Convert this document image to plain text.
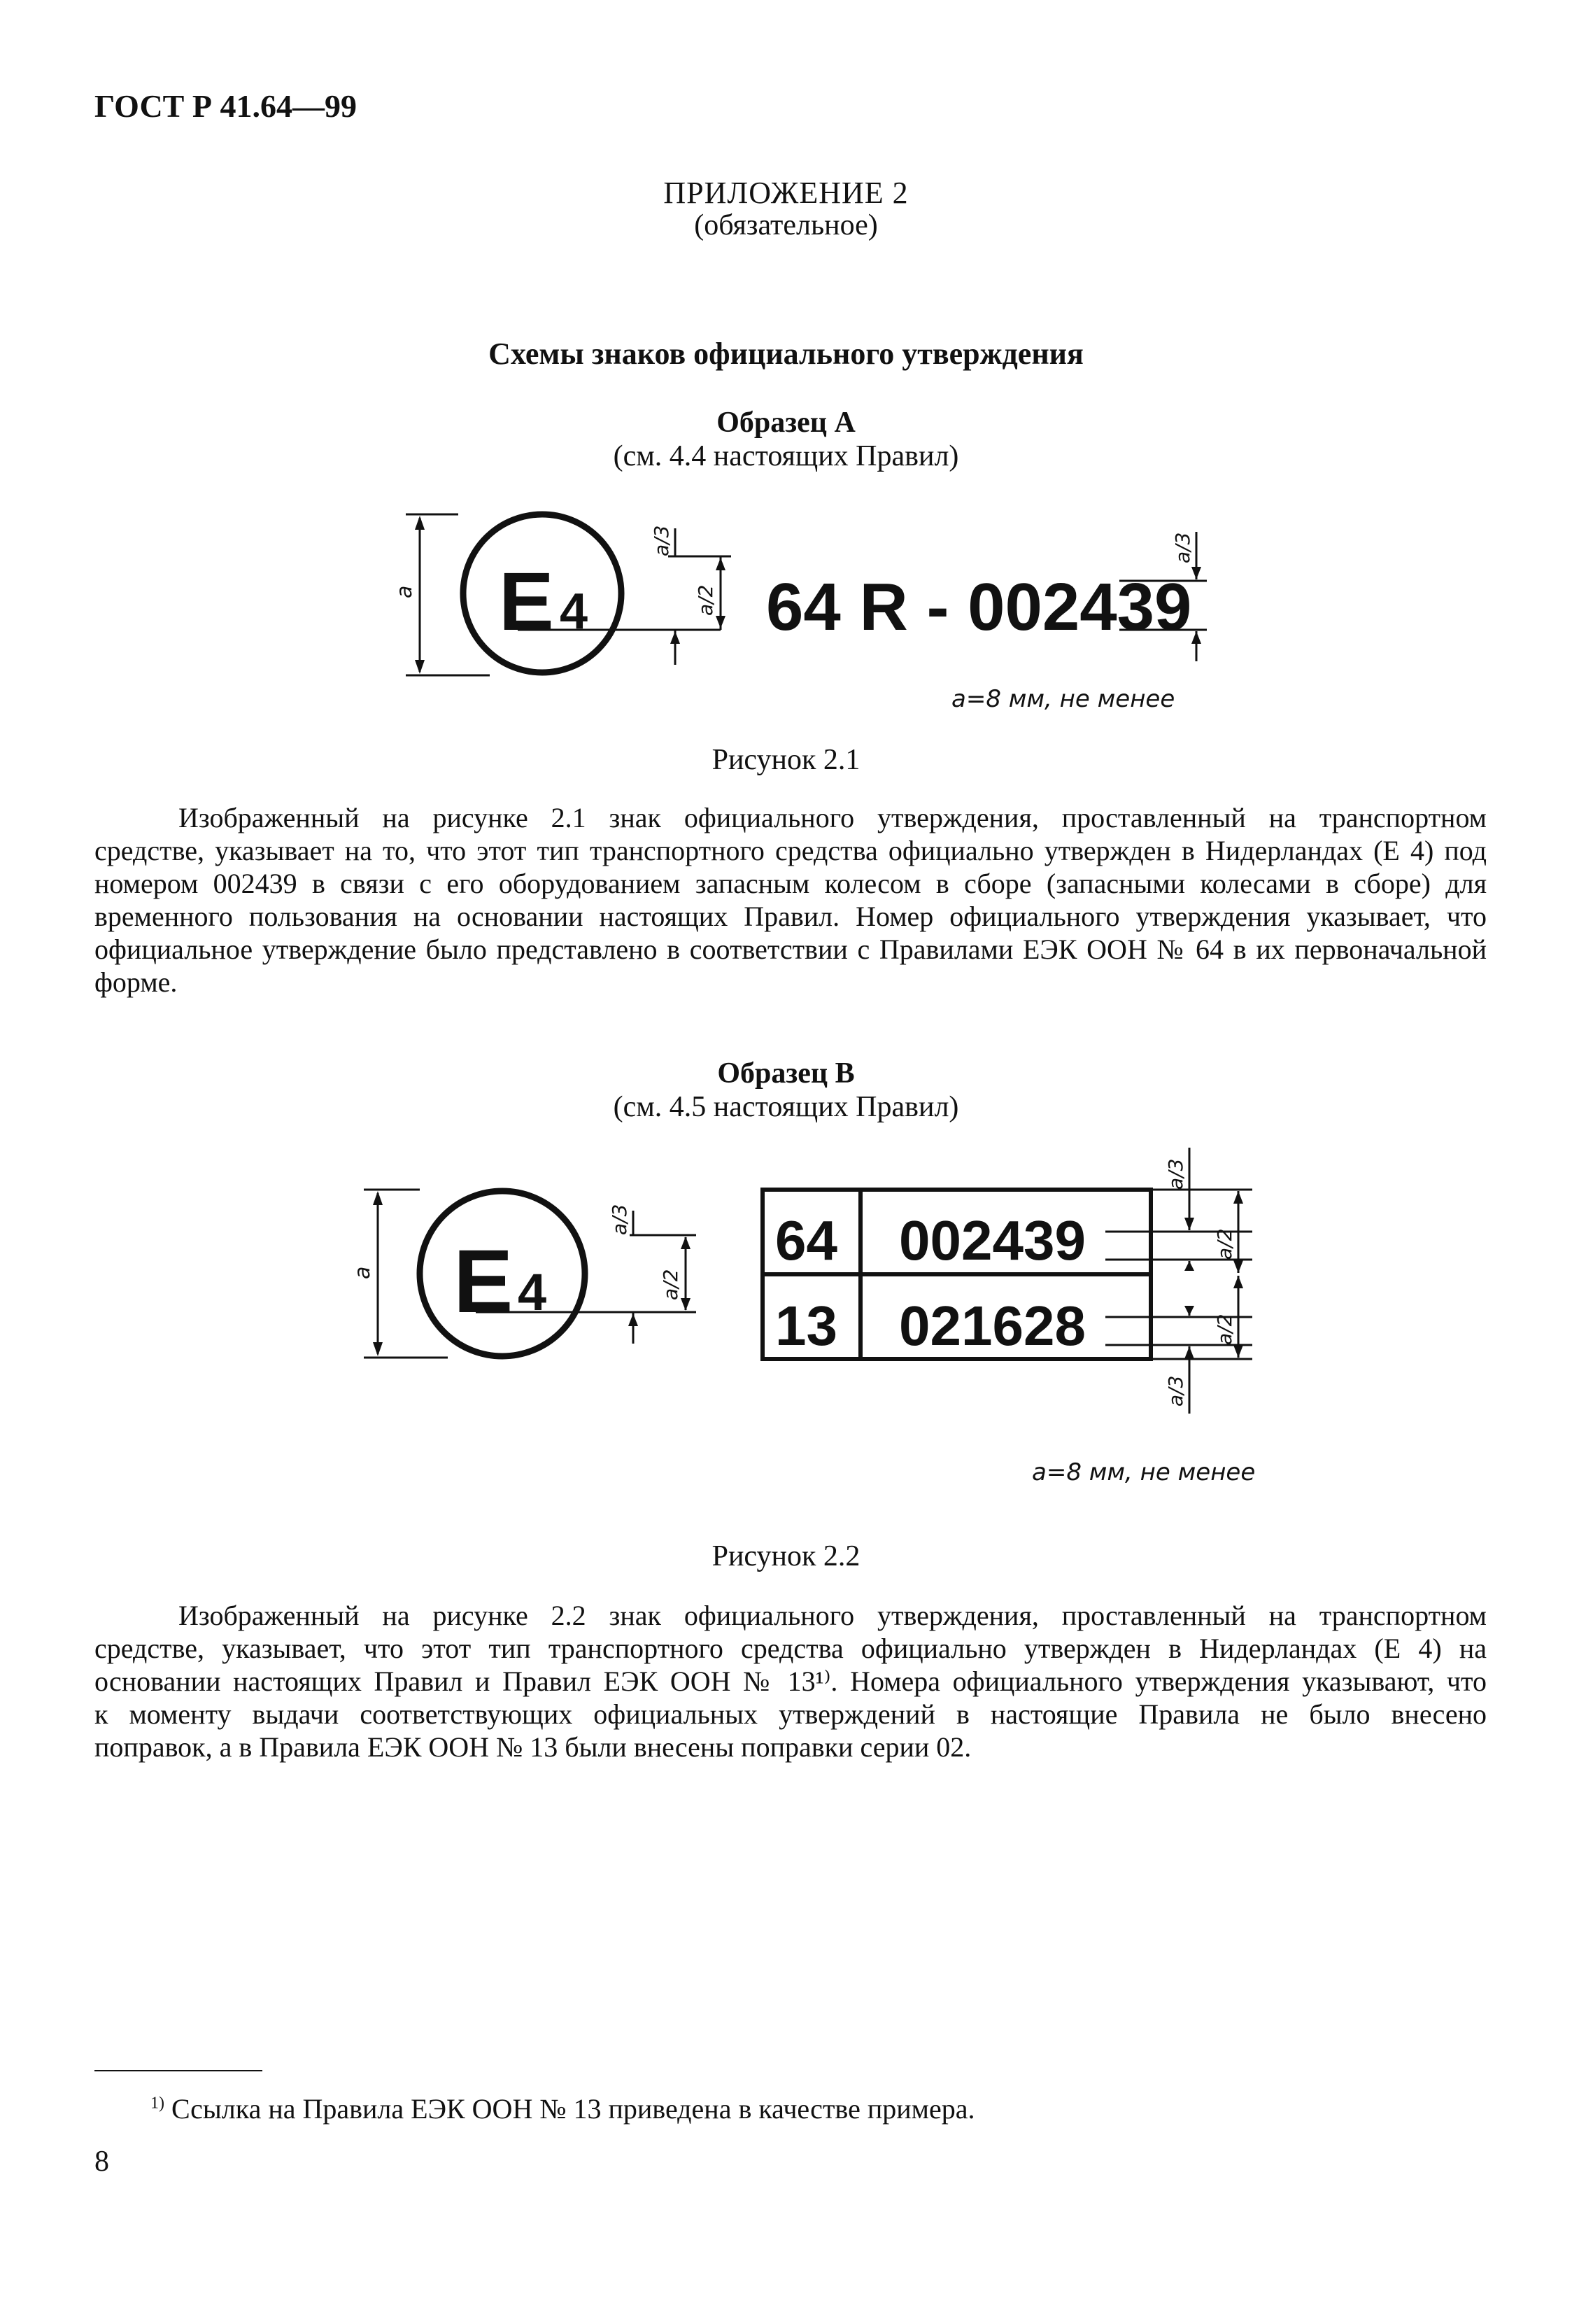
ГОСТ Р 41.64—99
ПРИЛОЖЕНИЕ 2
(обязательное)
Схемы знаков официального утверждения
Образец А
(см. 4.4 настоящих Правил)
E 4	64 R - 002439
a
a/3
a/2
a/3
a=8 мм, не менее
Рисунок 2.1

Изображенный на рисунке 2.1 знак официального утверждения, проставленный на транспортном
средстве, указывает на то, что этот тип транспортного средства официально утвержден в Нидерландах (Е 4) под
номером 002439 в связи с его оборудованием запасным колесом в сборе (запасными колесами в сборе) для
временного пользования на основании настоящих Правил. Номер официального утверждения указывает, что
официальное утверждение было представлено в соответствии с Правилами ЕЭК ООН № 64 в их первоначальной
форме.

Образец В
(см. 4.5 настоящих Правил)
E 4
64 002439
13 021628
a
a/3
a/2
a/3
a/2
a/2
a/3
a=8 мм, не менее
Рисунок 2.2

Изображенный на рисунке 2.2 знак официального утверждения, проставленный на транспортном
средстве, указывает, что этот тип транспортного средства официально утвержден в Нидерландах (Е 4) на
основании настоящих Правил и Правил ЕЭК ООН № 13¹⁾. Номера официального утверждения указывают, что
к моменту выдачи соответствующих официальных утверждений в настоящие Правила не было внесено
поправок, а в Правила ЕЭК ООН № 13 были внесены поправки серии 02.

$^{1)}$ Ссылка на Правила ЕЭК ООН № 13 приведена в качестве примера.
8
